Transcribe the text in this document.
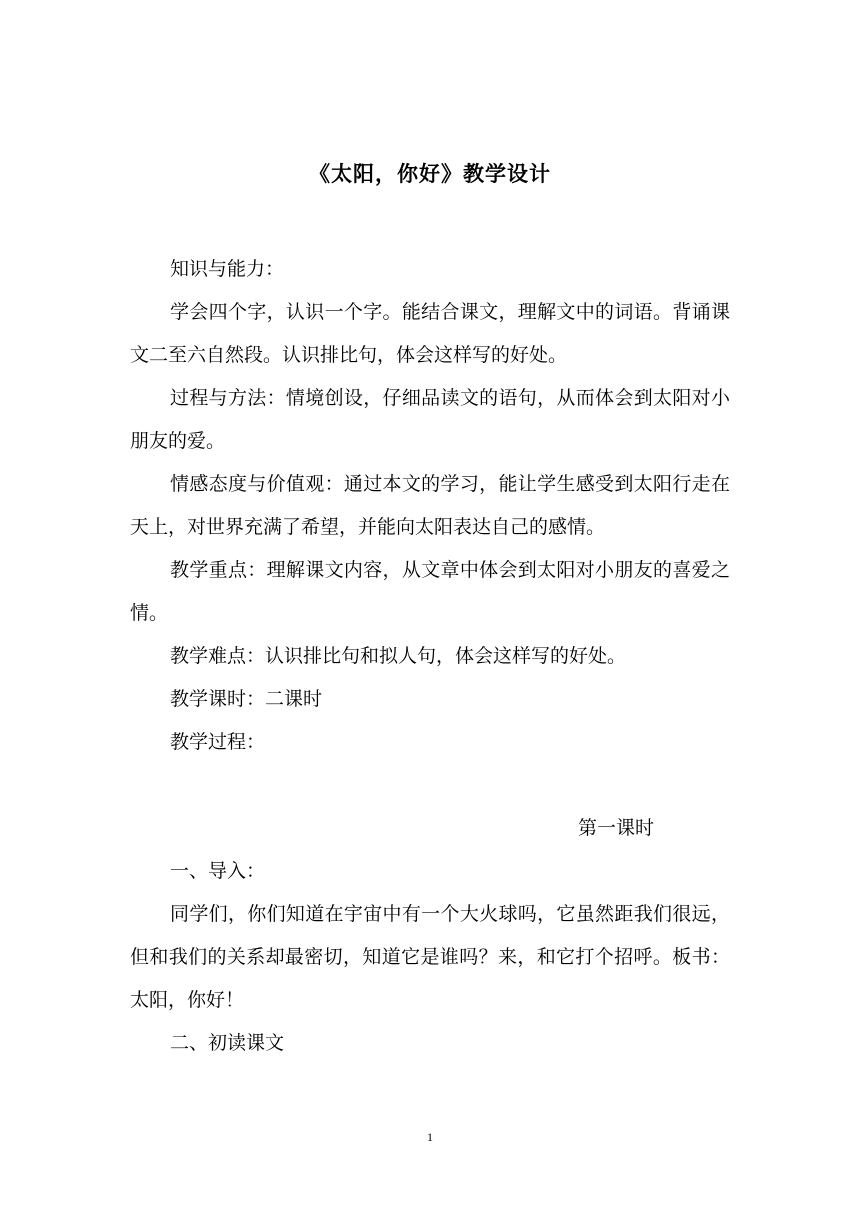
《太阳，你好》教学设计

知识与能力：

学会四个字，认识一个字。能结合课文，理解文中的词语。背诵课文二至六自然段。认识排比句，体会这样写的好处。

过程与方法：情境创设，仔细品读文的语句，从而体会到太阳对小朋友的爱。

情感态度与价值观：通过本文的学习，能让学生感受到太阳行走在天上，对世界充满了希望，并能向太阳表达自己的感情。

教学重点：理解课文内容，从文章中体会到太阳对小朋友的喜爱之情。

教学难点：认识排比句和拟人句，体会这样写的好处。

教学课时：二课时

教学过程：

第一课时

一、导入：

同学们，你们知道在宇宙中有一个大火球吗，它虽然距我们很远，但和我们的关系却最密切，知道它是谁吗？来，和它打个招呼。板书：太阳，你好！

二、初读课文

1
